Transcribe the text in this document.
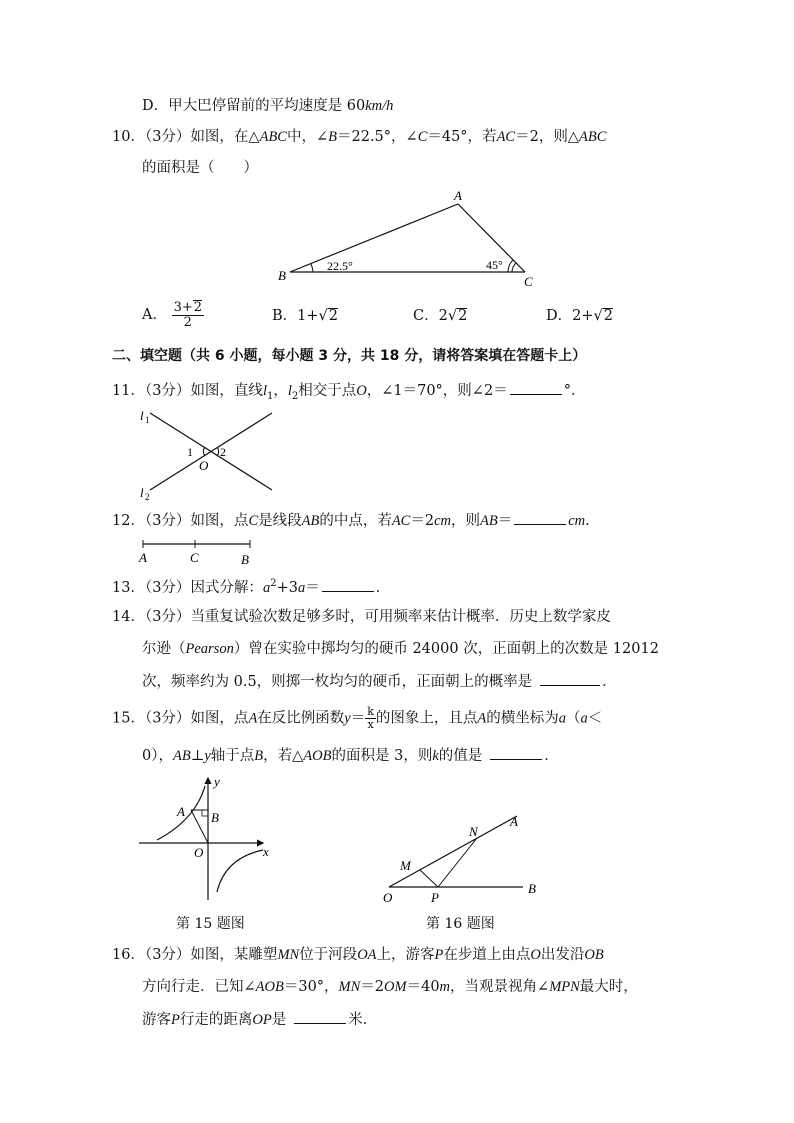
D．甲大巴停留前的平均速度是 60km/h
10．（3分）如图，在△ABC中，∠B＝22.5°，∠C＝45°，若AC＝2，则△ABC
的面积是（　　）
A
B	C
22.5°	45°
A． $\frac{3+2}{2}$	B．1+√2	C．2√2	D．2+√2
二、填空题（共 6 小题，每小题 3 分，共 18 分，请将答案填在答题卡上）
11．（3分）如图，直线$l_1$，$l_2$相交于点O，∠1＝70°，则∠2＝	°．
l 1
l 2
1 2
O
12．（3分）如图，点C是线段AB的中点，若AC＝2cm，则AB＝	cm．
A	C	B
13．（3分）因式分解：$a^2+3a=$	．
14．（3分）当重复试验次数足够多时，可用频率来估计概率．历史上数学家皮
尔逊（Pearson）曾在实验中掷均匀的硬币 24000 次，正面朝上的次数是 12012
次，频率约为 0.5，则掷一枚均匀的硬币，正面朝上的概率是	．
15．（3分）如图，点A在反比例函数$y= \frac{k}{x}$ 的图象上，且点A的横坐标为a（a＜
0），AB⊥y轴于点B，若△AOB的面积是 3，则k的值是	．
A B
O	x
y
第 15 题图
O
M
N
P
A
B
第 16 题图
16．（3分）如图，某雕塑MN位于河段OA上，游客P在步道上由点O出发沿OB
方向行走．已知∠AOB＝30°，MN＝2OM＝40m，当观景视角∠MPN最大时，
游客P行走的距离OP是	米．
